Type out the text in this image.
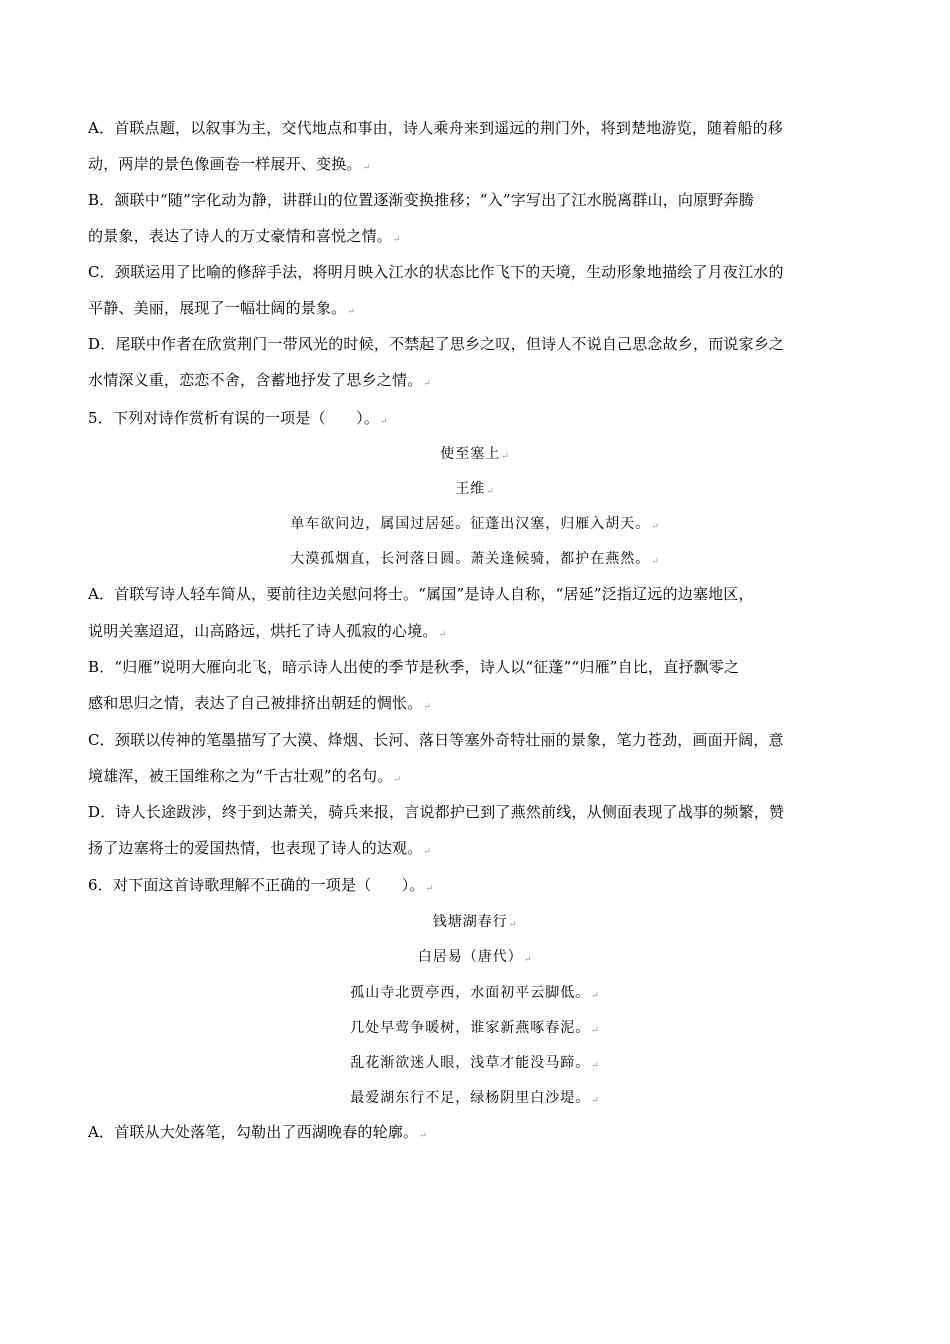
A．首联点题，以叙事为主，交代地点和事由，诗人乘舟来到遥远的荆门外，将到楚地游览，随着船的移
动，两岸的景色像画卷一样展开、变换。↵
B．颔联中“随”字化动为静，讲群山的位置逐渐变换推移；“入”字写出了江水脱离群山，向原野奔腾
的景象，表达了诗人的万丈豪情和喜悦之情。↵
C．颈联运用了比喻的修辞手法，将明月映入江水的状态比作飞下的天境，生动形象地描绘了月夜江水的
平静、美丽，展现了一幅壮阔的景象。↵
D．尾联中作者在欣赏荆门一带风光的时候，不禁起了思乡之叹，但诗人不说自己思念故乡，而说家乡之
水情深义重，恋恋不舍，含蓄地抒发了思乡之情。↵
5．下列对诗作赏析有误的一项是（　　）。↵
使至塞上↵
王维↵
单车欲问边，属国过居延。征蓬出汉塞，归雁入胡天。↵
大漠孤烟直，长河落日圆。萧关逢候骑，都护在燕然。↵
A．首联写诗人轻车简从，要前往边关慰问将士。“属国”是诗人自称，“居延”泛指辽远的边塞地区，
说明关塞迢迢，山高路远，烘托了诗人孤寂的心境。↵
B．“归雁”说明大雁向北飞，暗示诗人出使的季节是秋季，诗人以“征蓬”“归雁”自比，直抒飘零之
感和思归之情，表达了自己被排挤出朝廷的惆怅。↵
C．颈联以传神的笔墨描写了大漠、烽烟、长河、落日等塞外奇特壮丽的景象，笔力苍劲，画面开阔，意
境雄浑，被王国维称之为“千古壮观”的名句。↵
D．诗人长途跋涉，终于到达萧关，骑兵来报，言说都护已到了燕然前线，从侧面表现了战事的频繁，赞
扬了边塞将士的爱国热情，也表现了诗人的达观。↵
6．对下面这首诗歌理解不正确的一项是（　　）。↵
钱塘湖春行↵
白居易（唐代）↵
孤山寺北贾亭西，水面初平云脚低。↵
几处早莺争暖树，谁家新燕啄春泥。↵
乱花渐欲迷人眼，浅草才能没马蹄。↵
最爱湖东行不足，绿杨阴里白沙堤。↵
A．首联从大处落笔，勾勒出了西湖晚春的轮廓。↵
